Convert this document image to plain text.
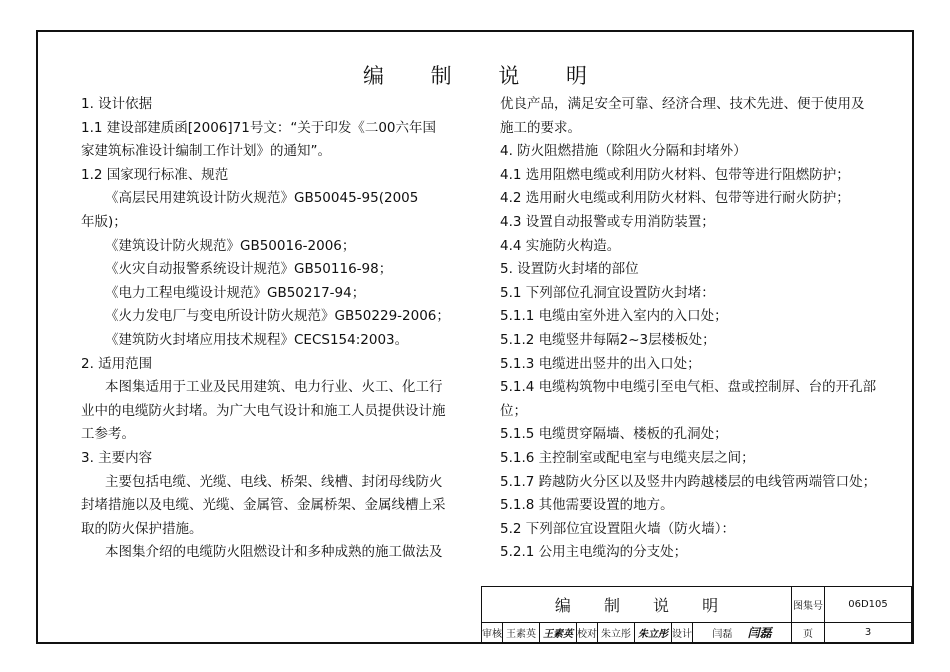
编 制 说 明
1. 设计依据
1.1 建设部建质函[2006]71号文：“关于印发《二00六年国
家建筑标准设计编制工作计划》的通知”。
1.2 国家现行标准、规范
《高层民用建筑设计防火规范》GB50045-95(2005
年版)；
《建筑设计防火规范》GB50016-2006；
《火灾自动报警系统设计规范》GB50116-98；
《电力工程电缆设计规范》GB50217-94；
《火力发电厂与变电所设计防火规范》GB50229-2006；
《建筑防火封堵应用技术规程》CECS154:2003。
2. 适用范围
本图集适用于工业及民用建筑、电力行业、火工、化工行
业中的电缆防火封堵。为广大电气设计和施工人员提供设计施
工参考。
3. 主要内容
主要包括电缆、光缆、电线、桥架、线槽、封闭母线防火
封堵措施以及电缆、光缆、金属管、金属桥架、金属线槽上采
取的防火保护措施。
本图集介绍的电缆防火阻燃设计和多种成熟的施工做法及
优良产品，满足安全可靠、经济合理、技术先进、便于使用及
施工的要求。
4. 防火阻燃措施（除阻火分隔和封堵外）
4.1 选用阻燃电缆或利用防火材料、包带等进行阻燃防护；
4.2 选用耐火电缆或利用防火材料、包带等进行耐火防护；
4.3 设置自动报警或专用消防装置；
4.4 实施防火构造。
5. 设置防火封堵的部位
5.1 下列部位孔洞宜设置防火封堵：
5.1.1 电缆由室外进入室内的入口处；
5.1.2 电缆竖井每隔2~3层楼板处；
5.1.3 电缆进出竖井的出入口处；
5.1.4 电缆构筑物中电缆引至电气柜、盘或控制屏、台的开孔部
位；
5.1.5 电缆贯穿隔墙、楼板的孔洞处；
5.1.6 主控制室或配电室与电缆夹层之间；
5.1.7 跨越防火分区以及竖井内跨越楼层的电线管两端管口处；
5.1.8 其他需要设置的地方。
5.2 下列部位宜设置阻火墙（防火墙）：
5.2.1 公用主电缆沟的分支处；
编 制 说 明								图集号	06D105
审核	王素英	王素英	校对	朱立彤	朱立彤	设计	闫磊 闫磊	页	3
